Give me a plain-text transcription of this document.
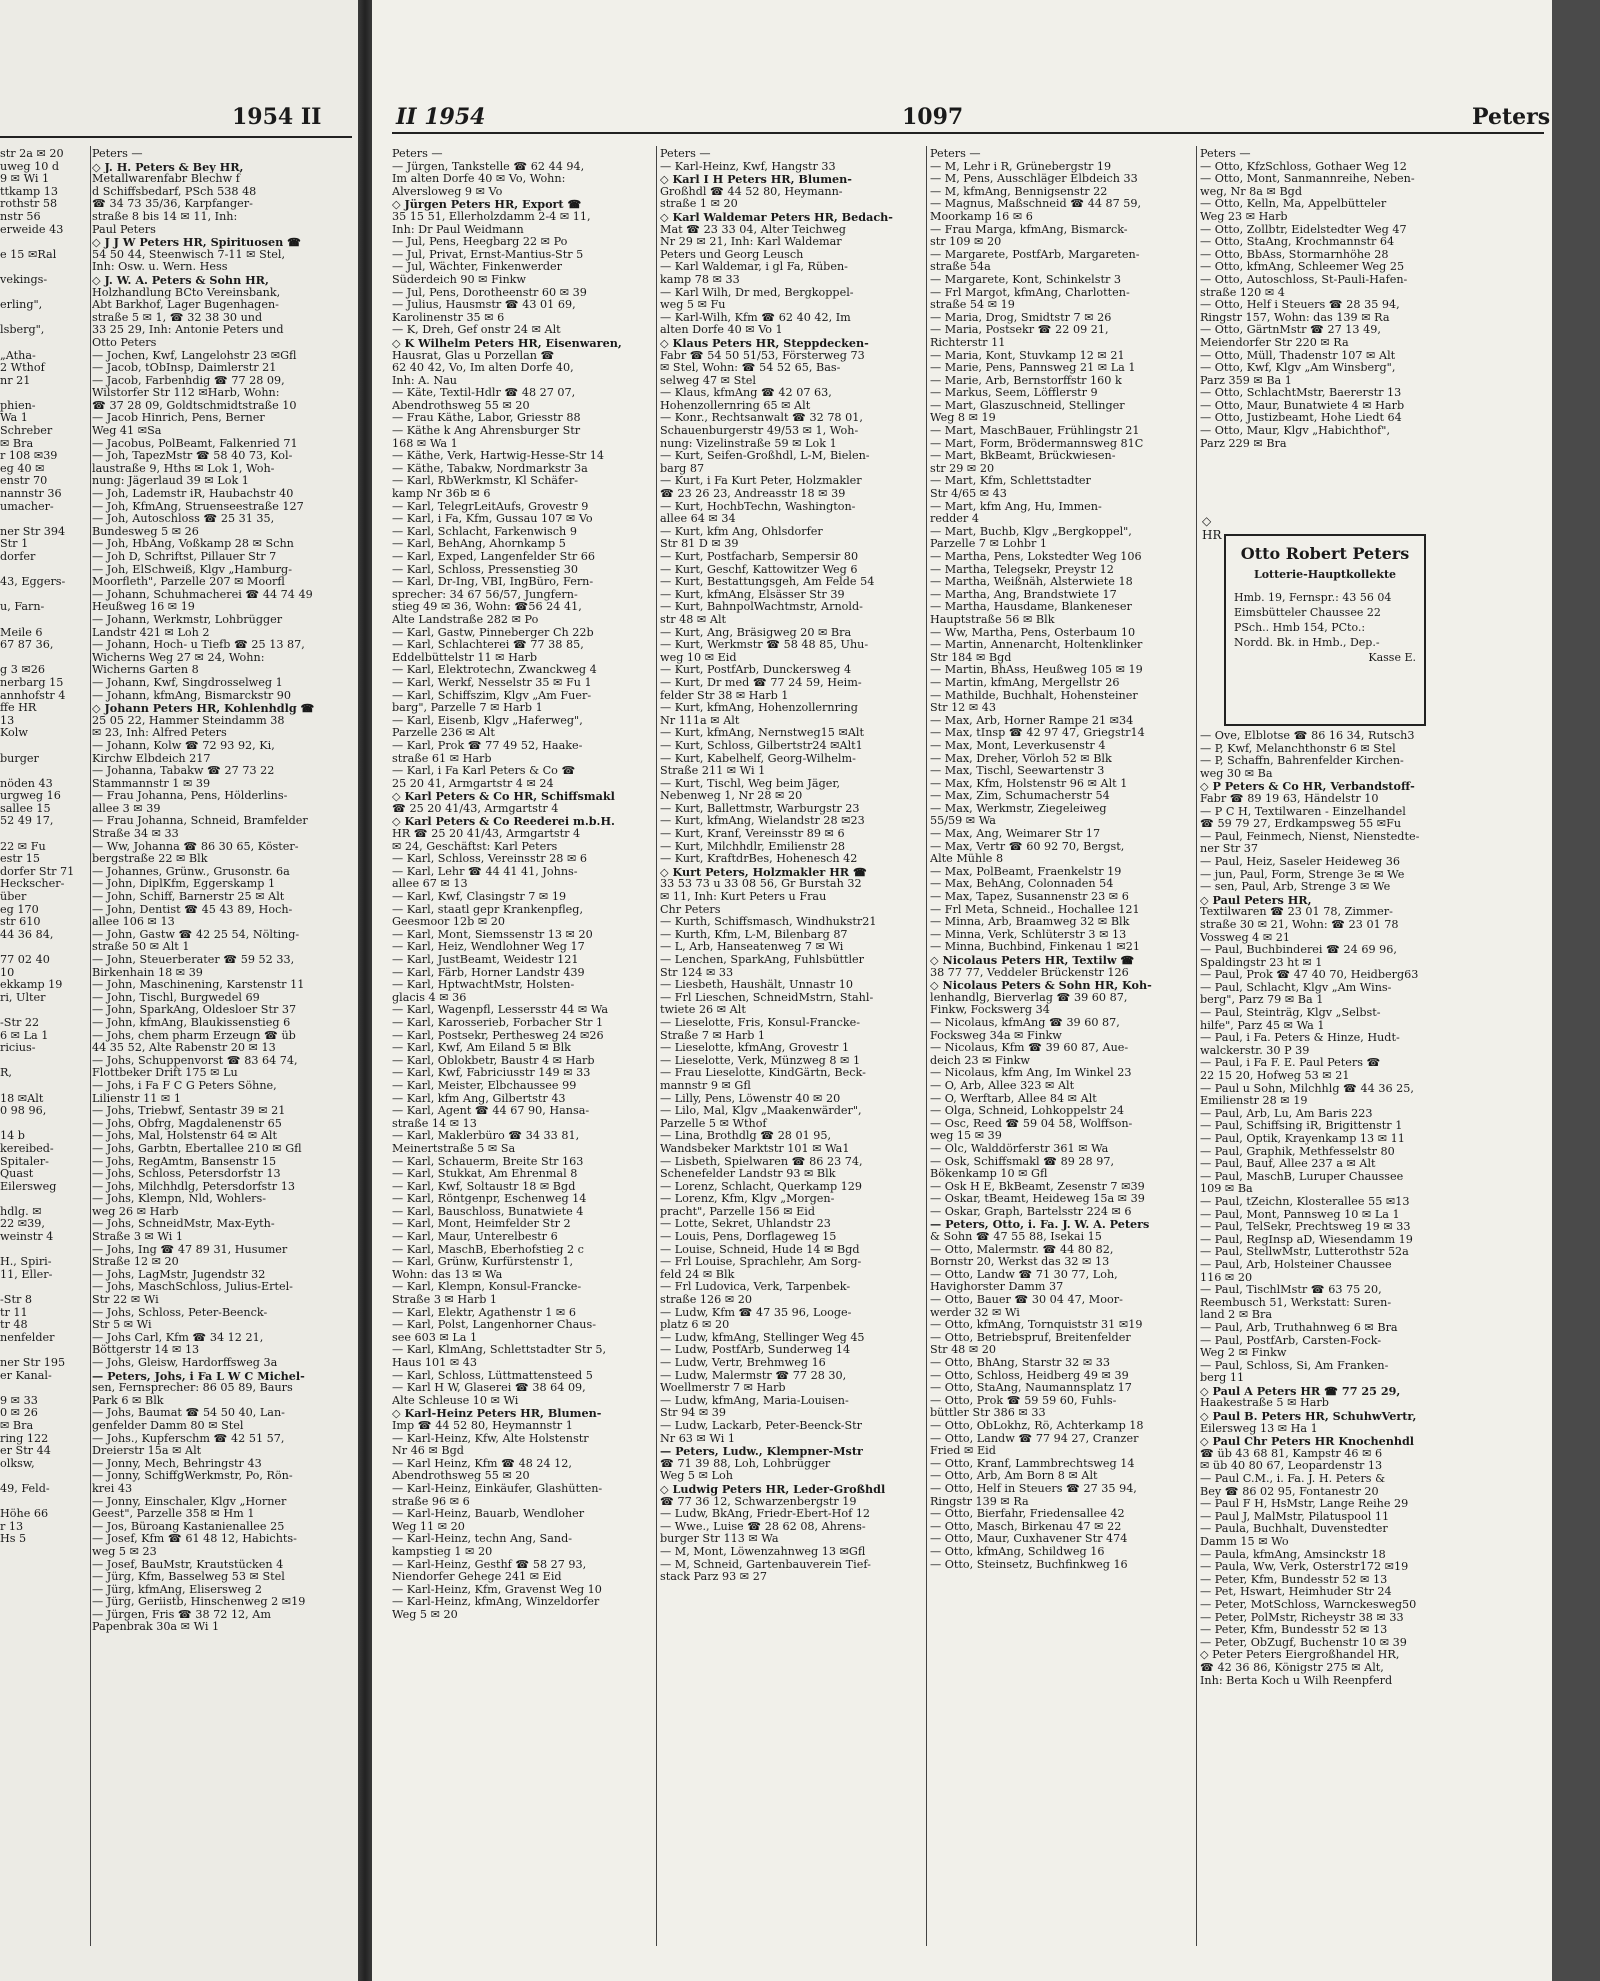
1954 II
str 2a ✉ 20
uweg 10 d
9 ✉ Wi 1
ttkamp 13
rothstr 58
nstr 56
erweide 43

e 15 ✉Ral

vekings-

erling",

lsberg",

„Atha-
2 Wthof
nr 21

phien-
Wa 1
Schreber
✉ Bra
r 108 ✉39
eg 40 ✉
enstr 70
nannstr 36
umacher-

ner Str 394
Str 1
dorfer

43, Eggers-

u, Farn-

Meile 6
67 87 36,

g 3 ✉26
nerbarg 15
annhofstr 4
ffe HR
13
Kolw

burger

nöden 43
urgweg 16
sallee 15
52 49 17,

22 ✉ Fu
estr 15
dorfer Str 71
Heckscher-
über
eg 170
str 610
44 36 84,

77 02 40
10
ekkamp 19
ri, Ulter

-Str 22
6 ✉ La 1
ricius-

R,

18 ✉Alt
0 98 96,

14 b
kereibed-
Spitaler-
Quast
Eilersweg

hdlg. ✉
22 ✉39,
weinstr 4

H., Spiri-
11, Eller-

-Str 8
tr 11
tr 48
nenfelder

ner Str 195
er Kanal-

9 ✉ 33
0 ✉ 26
✉ Bra
ring 122
er Str 44
olksw,

49, Feld-

Höhe 66
r 13
Hs 5
Peters —
◇ J. H. Peters & Bey HR,
Metallwarenfabr Blechw f
d Schiffsbedarf, PSch 538 48
☎ 34 73 35/36, Karpfanger-
straße 8 bis 14 ✉ 11, Inh:
Paul Peters
◇ J J W Peters HR, Spirituosen ☎
54 50 44, Steenwisch 7-11 ✉ Stel,
Inh: Osw. u. Wern. Hess
◇ J. W. A. Peters & Sohn HR,
Holzhandlung BCto Vereinsbank,
Abt Barkhof, Lager Bugenhagen-
straße 5 ✉ 1, ☎ 32 38 30 und
33 25 29, Inh: Antonie Peters und
Otto Peters
— Jochen, Kwf, Langelohstr 23 ✉Gfl
— Jacob, tObInsp, Daimlerstr 21
— Jacob, Farbenhdig ☎ 77 28 09,
Wilstorfer Str 112 ✉Harb, Wohn:
☎ 37 28 09, Goldtschmidtstraße 10
— Jacob Hinrich, Pens, Berner
Weg 41 ✉Sa
— Jacobus, PolBeamt, Falkenried 71
— Joh, TapezMstr ☎ 58 40 73, Kol-
laustraße 9, Hths ✉ Lok 1, Woh-
nung: Jägerlaud 39 ✉ Lok 1
— Joh, Lademstr iR, Haubachstr 40
— Joh, KfmAng, Struenseestraße 127
— Joh, Autoschloss ☎ 25 31 35,
Bundesweg 5 ✉ 26
— Joh, HbAng, Voßkamp 28 ✉ Schn
— Joh D, Schriftst, Pillauer Str 7
— Joh, ElSchweiß, Klgv „Hamburg-
Moorfleth", Parzelle 207 ✉ Moorfl
— Johann, Schuhmacherei ☎ 44 74 49
Heußweg 16 ✉ 19
— Johann, Werkmstr, Lohbrügger
Landstr 421 ✉ Loh 2
— Johann, Hoch- u Tiefb ☎ 25 13 87,
Wicherns Weg 27 ✉ 24, Wohn:
Wicherns Garten 8
— Johann, Kwf, Singdrosselweg 1
— Johann, kfmAng, Bismarckstr 90
◇ Johann Peters HR, Kohlenhdlg ☎
25 05 22, Hammer Steindamm 38
✉ 23, Inh: Alfred Peters
— Johann, Kolw ☎ 72 93 92, Ki,
Kirchw Elbdeich 217
— Johanna, Tabakw ☎ 27 73 22
Stammannstr 1 ✉ 39
— Frau Johanna, Pens, Hölderlins-
allee 3 ✉ 39
— Frau Johanna, Schneid, Bramfelder
Straße 34 ✉ 33
— Ww, Johanna ☎ 86 30 65, Köster-
bergstraße 22 ✉ Blk
— Johannes, Grünw., Grusonstr. 6a
— John, DiplKfm, Eggerskamp 1
— John, Schiff, Barnerstr 25 ✉ Alt
— John, Dentist ☎ 45 43 89, Hoch-
allee 106 ✉ 13
— John, Gastw ☎ 42 25 54, Nölting-
straße 50 ✉ Alt 1
— John, Steuerberater ☎ 59 52 33,
Birkenhain 18 ✉ 39
— John, Maschinening, Karstenstr 11
— John, Tischl, Burgwedel 69
— John, SparkAng, Oldesloer Str 37
— John, kfmAng, Blaukissenstieg 6
— Johs, chem pharm Erzeugn ☎ üb
44 35 52, Alte Rabenstr 20 ✉ 13
— Johs, Schuppenvorst ☎ 83 64 74,
Flottbeker Drift 175 ✉ Lu
— Johs, i Fa F C G Peters Söhne,
Lilienstr 11 ✉ 1
— Johs, Triebwf, Sentastr 39 ✉ 21
— Johs, Obfrg, Magdalenenstr 65
— Johs, Mal, Holstenstr 64 ✉ Alt
— Johs, Garbtn, Ebertallee 210 ✉ Gfl
— Johs, RegAmtm, Bansenstr 15
— Johs, Schloss, Petersdorfstr 13
— Johs, Milchhdlg, Petersdorfstr 13
— Johs, Klempn, Nld, Wohlers-
weg 26 ✉ Harb
— Johs, SchneidMstr, Max-Eyth-
Straße 3 ✉ Wi 1
— Johs, Ing ☎ 47 89 31, Husumer
Straße 12 ✉ 20
— Johs, LagMstr, Jugendstr 32
— Johs, MaschSchloss, Julius-Ertel-
Str 22 ✉ Wi
— Johs, Schloss, Peter-Beenck-
Str 5 ✉ Wi
— Johs Carl, Kfm ☎ 34 12 21,
Böttgerstr 14 ✉ 13
— Johs, Gleisw, Hardorffsweg 3a
— Peters, Johs, i Fa L W C Michel-
sen, Fernsprecher: 86 05 89, Baurs
Park 6 ✉ Blk
— Johs, Baumat ☎ 54 50 40, Lan-
genfelder Damm 80 ✉ Stel
— Johs., Kupferschm ☎ 42 51 57,
Dreierstr 15a ✉ Alt
— Jonny, Mech, Behringstr 43
— Jonny, SchiffgWerkmstr, Po, Rön-
krei 43
— Jonny, Einschaler, Klgv „Horner
Geest", Parzelle 358 ✉ Hm 1
— Jos, Büroang Kastanienallee 25
— Josef, Kfm ☎ 61 48 12, Habichts-
weg 5 ✉ 23
— Josef, BauMstr, Krautstücken 4
— Jürg, Kfm, Basselweg 53 ✉ Stel
— Jürg, kfmAng, Elisersweg 2
— Jürg, Geriistb, Hinschenweg 2 ✉19
— Jürgen, Fris ☎ 38 72 12, Am
Papenbrak 30a ✉ Wi 1
II 1954	1097	Peters
Peters —
— Jürgen, Tankstelle ☎ 62 44 94,
Im alten Dorfe 40 ✉ Vo, Wohn:
Alversloweg 9 ✉ Vo
◇ Jürgen Peters HR, Export ☎
35 15 51, Ellerholzdamm 2-4 ✉ 11,
Inh: Dr Paul Weidmann
— Jul, Pens, Heegbarg 22 ✉ Po
— Jul, Privat, Ernst-Mantius-Str 5
— Jul, Wächter, Finkenwerder
Süderdeich 90 ✉ Finkw
— Jul, Pens, Dorotheenstr 60 ✉ 39
— Julius, Hausmstr ☎ 43 01 69,
Karolinenstr 35 ✉ 6
— K, Dreh, Gef onstr 24 ✉ Alt
◇ K Wilhelm Peters HR, Eisenwaren,
Hausrat, Glas u Porzellan ☎
62 40 42, Vo, Im alten Dorfe 40,
Inh: A. Nau
— Käte, Textil-Hdlr ☎ 48 27 07,
Abendrothsweg 55 ✉ 20
— Frau Käthe, Labor, Griesstr 88
— Käthe k Ang Ahrensburger Str
168 ✉ Wa 1
— Käthe, Verk, Hartwig-Hesse-Str 14
— Käthe, Tabakw, Nordmarkstr 3a
— Karl, RbWerkmstr, Kl Schäfer-
kamp Nr 36b ✉ 6
— Karl, TelegrLeitAufs, Grovestr 9
— Karl, i Fa, Kfm, Gussau 107 ✉ Vo
— Karl, Schlacht, Farkenwisch 9
— Karl, BehAng, Ahornkamp 5
— Karl, Exped, Langenfelder Str 66
— Karl, Schloss, Pressenstieg 30
— Karl, Dr-Ing, VBI, IngBüro, Fern-
sprecher: 34 67 56/57, Jungfern-
stieg 49 ✉ 36, Wohn: ☎56 24 41,
Alte Landstraße 282 ✉ Po
— Karl, Gastw, Pinneberger Ch 22b
— Karl, Schlachterei ☎ 77 38 85,
Eddelbüttelstr 11 ✉ Harb
— Karl, Elektrotechn, Zwanckweg 4
— Karl, Werkf, Nesselstr 35 ✉ Fu 1
— Karl, Schiffszim, Klgv „Am Fuer-
barg", Parzelle 7 ✉ Harb 1
— Karl, Eisenb, Klgv „Haferweg",
Parzelle 236 ✉ Alt
— Karl, Prok ☎ 77 49 52, Haake-
straße 61 ✉ Harb
— Karl, i Fa Karl Peters & Co ☎
25 20 41, Armgartstr 4 ✉ 24
◇ Karl Peters & Co HR, Schiffsmakl
☎ 25 20 41/43, Armgartstr 4
◇ Karl Peters & Co Reederei m.b.H.
HR ☎ 25 20 41/43, Armgartstr 4
✉ 24, Geschäftst: Karl Peters
— Karl, Schloss, Vereinsstr 28 ✉ 6
— Karl, Lehr ☎ 44 41 41, Johns-
allee 67 ✉ 13
— Karl, Kwf, Clasingstr 7 ✉ 19
— Karl, staatl gepr Krankenpfleg,
Geesmoor 12b ✉ 20
— Karl, Mont, Siemssenstr 13 ✉ 20
— Karl, Heiz, Wendlohner Weg 17
— Karl, JustBeamt, Weidestr 121
— Karl, Färb, Horner Landstr 439
— Karl, HptwachtMstr, Holsten-
glacis 4 ✉ 36
— Karl, Wagenpfl, Lessersstr 44 ✉ Wa
— Karl, Karosserieb, Forbacher Str 1
— Karl, Postsekr, Perthesweg 24 ✉26
— Karl, Kwf, Am Eiland 5 ✉ Blk
— Karl, Oblokbetr, Baustr 4 ✉ Harb
— Karl, Kwf, Fabriciusstr 149 ✉ 33
— Karl, Meister, Elbchaussee 99
— Karl, kfm Ang, Gilbertstr 43
— Karl, Agent ☎ 44 67 90, Hansa-
straße 14 ✉ 13
— Karl, Maklerbüro ☎ 34 33 81,
Meinertstraße 5 ✉ Sa
— Karl, Schauerm, Breite Str 163
— Karl, Stukkat, Am Ehrenmal 8
— Karl, Kwf, Soltaustr 18 ✉ Bgd
— Karl, Röntgenpr, Eschenweg 14
— Karl, Bauschloss, Bunatwiete 4
— Karl, Mont, Heimfelder Str 2
— Karl, Maur, Unterelbestr 6
— Karl, MaschB, Eberhofstieg 2 c
— Karl, Grünw, Kurfürstenstr 1,
Wohn: das 13 ✉ Wa
— Karl, Klempn, Konsul-Francke-
Straße 3 ✉ Harb 1
— Karl, Elektr, Agathenstr 1 ✉ 6
— Karl, Polst, Langenhorner Chaus-
see 603 ✉ La 1
— Karl, KlmAng, Schlettstadter Str 5,
Haus 101 ✉ 43
— Karl, Schloss, Lüttmattensteed 5
— Karl H W, Glaserei ☎ 38 64 09,
Alte Schleuse 10 ✉ Wi
◇ Karl-Heinz Peters HR, Blumen-
Imp ☎ 44 52 80, Heymannstr 1
— Karl-Heinz, Kfw, Alte Holstenstr
Nr 46 ✉ Bgd
— Karl Heinz, Kfm ☎ 48 24 12,
Abendrothsweg 55 ✉ 20
— Karl-Heinz, Einkäufer, Glashütten-
straße 96 ✉ 6
— Karl-Heinz, Bauarb, Wendloher
Weg 11 ✉ 20
— Karl-Heinz, techn Ang, Sand-
kampstieg 1 ✉ 20
— Karl-Heinz, Gesthf ☎ 58 27 93,
Niendorfer Gehege 241 ✉ Eid
— Karl-Heinz, Kfm, Gravenst Weg 10
— Karl-Heinz, kfmAng, Winzeldorfer
Weg 5 ✉ 20
Peters —
— Karl-Heinz, Kwf, Hangstr 33
◇ Karl I H Peters HR, Blumen-
Großhdl ☎ 44 52 80, Heymann-
straße 1 ✉ 20
◇ Karl Waldemar Peters HR, Bedach-
Mat ☎ 23 33 04, Alter Teichweg
Nr 29 ✉ 21, Inh: Karl Waldemar
Peters und Georg Leusch
— Karl Waldemar, i gl Fa, Rüben-
kamp 78 ✉ 33
— Karl Wilh, Dr med, Bergkoppel-
weg 5 ✉ Fu
— Karl-Wilh, Kfm ☎ 62 40 42, Im
alten Dorfe 40 ✉ Vo 1
◇ Klaus Peters HR, Steppdecken-
Fabr ☎ 54 50 51/53, Försterweg 73
✉ Stel, Wohn: ☎ 54 52 65, Bas-
selweg 47 ✉ Stel
— Klaus, kfmAng ☎ 42 07 63,
Hohenzollernring 65 ✉ Alt
— Konr., Rechtsanwalt ☎ 32 78 01,
Schauenburgerstr 49/53 ✉ 1, Woh-
nung: Vizelinstraße 59 ✉ Lok 1
— Kurt, Seifen-Großhdl, L-M, Bielen-
barg 87
— Kurt, i Fa Kurt Peter, Holzmakler
☎ 23 26 23, Andreasstr 18 ✉ 39
— Kurt, HochbTechn, Washington-
allee 64 ✉ 34
— Kurt, kfm Ang, Ohlsdorfer
Str 81 D ✉ 39
— Kurt, Postfacharb, Sempersir 80
— Kurt, Geschf, Kattowitzer Weg 6
— Kurt, Bestattungsgeh, Am Felde 54
— Kurt, kfmAng, Elsässer Str 39
— Kurt, BahnpolWachtmstr, Arnold-
str 48 ✉ Alt
— Kurt, Ang, Bräsigweg 20 ✉ Bra
— Kurt, Werkmstr ☎ 58 48 85, Uhu-
weg 10 ✉ Eid
— Kurt, PostfArb, Dunckersweg 4
— Kurt, Dr med ☎ 77 24 59, Heim-
felder Str 38 ✉ Harb 1
— Kurt, kfmAng, Hohenzollernring
Nr 111a ✉ Alt
— Kurt, kfmAng, Nernstweg15 ✉Alt
— Kurt, Schloss, Gilbertstr24 ✉Alt1
— Kurt, Kabelhelf, Georg-Wilhelm-
Straße 211 ✉ Wi 1
— Kurt, Tischl, Weg beim Jäger,
Nebenweg 1, Nr 28 ✉ 20
— Kurt, Ballettmstr, Warburgstr 23
— Kurt, kfmAng, Wielandstr 28 ✉23
— Kurt, Kranf, Vereinsstr 89 ✉ 6
— Kurt, Milchhdlr, Emilienstr 28
— Kurt, KraftdrBes, Hohenesch 42
◇ Kurt Peters, Holzmakler HR ☎
33 53 73 u 33 08 56, Gr Burstah 32
✉ 11, Inh: Kurt Peters u Frau
Chr Peters
— Kurth, Schiffsmasch, Windhukstr21
— Kurth, Kfm, L-M, Bilenbarg 87
— L, Arb, Hanseatenweg 7 ✉ Wi
— Lenchen, SparkAng, Fuhlsbüttler
Str 124 ✉ 33
— Liesbeth, Haushält, Unnastr 10
— Frl Lieschen, SchneidMstrn, Stahl-
twiete 26 ✉ Alt
— Lieselotte, Fris, Konsul-Francke-
Straße 7 ✉ Harb 1
— Lieselotte, kfmAng, Grovestr 1
— Lieselotte, Verk, Münzweg 8 ✉ 1
— Frau Lieselotte, KindGärtn, Beck-
mannstr 9 ✉ Gfl
— Lilly, Pens, Löwenstr 40 ✉ 20
— Lilo, Mal, Klgv „Maakenwärder",
Parzelle 5 ✉ Wthof
— Lina, Brothdlg ☎ 28 01 95,
Wandsbeker Marktstr 101 ✉ Wa1
— Lisbeth, Spielwaren ☎ 86 23 74,
Schenefelder Landstr 93 ✉ Blk
— Lorenz, Schlacht, Querkamp 129
— Lorenz, Kfm, Klgv „Morgen-
pracht", Parzelle 156 ✉ Eid
— Lotte, Sekret, Uhlandstr 23
— Louis, Pens, Dorflageweg 15
— Louise, Schneid, Hude 14 ✉ Bgd
— Frl Louise, Sprachlehr, Am Sorg-
feld 24 ✉ Blk
— Frl Ludovica, Verk, Tarpenbek-
straße 126 ✉ 20
— Ludw, Kfm ☎ 47 35 96, Looge-
platz 6 ✉ 20
— Ludw, kfmAng, Stellinger Weg 45
— Ludw, PostfArb, Sunderweg 14
— Ludw, Vertr, Brehmweg 16
— Ludw, Malermstr ☎ 77 28 30,
Woellmerstr 7 ✉ Harb
— Ludw, kfmAng, Maria-Louisen-
Str 94 ✉ 39
— Ludw, Lackarb, Peter-Beenck-Str
Nr 63 ✉ Wi 1
— Peters, Ludw., Klempner-Mstr
☎ 71 39 88, Loh, Lohbrügger
Weg 5 ✉ Loh
◇ Ludwig Peters HR, Leder-Großhdl
☎ 77 36 12, Schwarzenbergstr 19
— Ludw, BkAng, Friedr-Ebert-Hof 12
— Wwe., Luise ☎ 28 62 08, Ahrens-
burger Str 113 ✉ Wa
— M, Mont, Löwenzahnweg 13 ✉Gfl
— M, Schneid, Gartenbauverein Tief-
stack Parz 93 ✉ 27
Peters —
— M, Lehr i R, Grünebergstr 19
— M, Pens, Ausschläger Elbdeich 33
— M, kfmAng, Bennigsenstr 22
— Magnus, Maßschneid ☎ 44 87 59,
Moorkamp 16 ✉ 6
— Frau Marga, kfmAng, Bismarck-
str 109 ✉ 20
— Margarete, PostfArb, Margareten-
straße 54a
— Margarete, Kont, Schinkelstr 3
— Frl Margot, kfmAng, Charlotten-
straße 54 ✉ 19
— Maria, Drog, Smidtstr 7 ✉ 26
— Maria, Postsekr ☎ 22 09 21,
Richterstr 11
— Maria, Kont, Stuvkamp 12 ✉ 21
— Marie, Pens, Pannsweg 21 ✉ La 1
— Marie, Arb, Bernstorffstr 160 k
— Markus, Seem, Löfflerstr 9
— Mart, Glaszuschneid, Stellinger
Weg 8 ✉ 19
— Mart, MaschBauer, Frühlingstr 21
— Mart, Form, Brödermannsweg 81C
— Mart, BkBeamt, Brückwiesen-
str 29 ✉ 20
— Mart, Kfm, Schlettstadter
Str 4/65 ✉ 43
— Mart, kfm Ang, Hu, Immen-
redder 4
— Mart, Buchb, Klgv „Bergkoppel",
Parzelle 7 ✉ Lohbr 1
— Martha, Pens, Lokstedter Weg 106
— Martha, Telegsekr, Preystr 12
— Martha, Weißnäh, Alsterwiete 18
— Martha, Ang, Brandstwiete 17
— Martha, Hausdame, Blankeneser
Hauptstraße 56 ✉ Blk
— Ww, Martha, Pens, Osterbaum 10
— Martin, Annenarcht, Holtenklinker
Str 184 ✉ Bgd
— Martin, BhAss, Heußweg 105 ✉ 19
— Martin, kfmAng, Mergellstr 26
— Mathilde, Buchhalt, Hohensteiner
Str 12 ✉ 43
— Max, Arb, Horner Rampe 21 ✉34
— Max, tInsp ☎ 42 97 47, Griegstr14
— Max, Mont, Leverkusenstr 4
— Max, Dreher, Vörloh 52 ✉ Blk
— Max, Tischl, Seewartenstr 3
— Max, Kfm, Holstenstr 96 ✉ Alt 1
— Max, Zim, Schumacherstr 54
— Max, Werkmstr, Ziegeleiweg
55/59 ✉ Wa
— Max, Ang, Weimarer Str 17
— Max, Vertr ☎ 60 92 70, Bergst,
Alte Mühle 8
— Max, PolBeamt, Fraenkelstr 19
— Max, BehAng, Colonnaden 54
— Max, Tapez, Susannenstr 23 ✉ 6
— Frl Meta, Schneid., Hochallee 121
— Minna, Arb, Braamweg 32 ✉ Blk
— Minna, Verk, Schlüterstr 3 ✉ 13
— Minna, Buchbind, Finkenau 1 ✉21
◇ Nicolaus Peters HR, Textilw ☎
38 77 77, Veddeler Brückenstr 126
◇ Nicolaus Peters & Sohn HR, Koh-
lenhandlg, Bierverlag ☎ 39 60 87,
Finkw, Fockswerg 34
— Nicolaus, kfmAng ☎ 39 60 87,
Focksweg 34a ✉ Finkw
— Nicolaus, Kfm ☎ 39 60 87, Aue-
deich 23 ✉ Finkw
— Nicolaus, kfm Ang, Im Winkel 23
— O, Arb, Allee 323 ✉ Alt
— O, Werftarb, Allee 84 ✉ Alt
— Olga, Schneid, Lohkoppelstr 24
— Osc, Reed ☎ 59 04 58, Wolffson-
weg 15 ✉ 39
— Olc, Walddörferstr 361 ✉ Wa
— Osk, Schiffsmakl ☎ 89 28 97,
Bökenkamp 10 ✉ Gfl
— Osk H E, BkBeamt, Zesenstr 7 ✉39
— Oskar, tBeamt, Heideweg 15a ✉ 39
— Oskar, Graph, Bartelsstr 224 ✉ 6
— Peters, Otto, i. Fa. J. W. A. Peters
& Sohn ☎ 47 55 88, Isekai 15
— Otto, Malermstr. ☎ 44 80 82,
Bornstr 20, Werkst das 32 ✉ 13
— Otto, Landw ☎ 71 30 77, Loh,
Havighorster Damm 37
— Otto, Bauer ☎ 30 04 47, Moor-
werder 32 ✉ Wi
— Otto, kfmAng, Tornquiststr 31 ✉19
— Otto, Betriebspruf, Breitenfelder
Str 48 ✉ 20
— Otto, BhAng, Starstr 32 ✉ 33
— Otto, Schloss, Heidberg 49 ✉ 39
— Otto, StaAng, Naumannsplatz 17
— Otto, Prok ☎ 59 59 60, Fuhls-
büttler Str 386 ✉ 33
— Otto, ObLokhz, Rö, Achterkamp 18
— Otto, Landw ☎ 77 94 27, Cranzer
Fried ✉ Eid
— Otto, Kranf, Lammbrechtsweg 14
— Otto, Arb, Am Born 8 ✉ Alt
— Otto, Helf in Steuers ☎ 27 35 94,
Ringstr 139 ✉ Ra
— Otto, Bierfahr, Friedensallee 42
— Otto, Masch, Birkenau 47 ✉ 22
— Otto, Maur, Cuxhavener Str 474
— Otto, kfmAng, Schildweg 16
— Otto, Steinsetz, Buchfinkweg 16
Peters —
— Otto, KfzSchloss, Gothaer Weg 12
— Otto, Mont, Sanmannreihe, Neben-
weg, Nr 8a ✉ Bgd
— Otto, Kelln, Ma, Appelbütteler
Weg 23 ✉ Harb
— Otto, Zollbtr, Eidelstedter Weg 47
— Otto, StaAng, Krochmannstr 64
— Otto, BbAss, Stormarnhöhe 28
— Otto, kfmAng, Schleemer Weg 25
— Otto, Autoschloss, St-Pauli-Hafen-
straße 120 ✉ 4
— Otto, Helf i Steuers ☎ 28 35 94,
Ringstr 157, Wohn: das 139 ✉ Ra
— Otto, GärtnMstr ☎ 27 13 49,
Meiendorfer Str 220 ✉ Ra
— Otto, Müll, Thadenstr 107 ✉ Alt
— Otto, Kwf, Klgv „Am Winsberg",
Parz 359 ✉ Ba 1
— Otto, SchlachtMstr, Baererstr 13
— Otto, Maur, Bunatwiete 4 ✉ Harb
— Otto, Justizbeamt, Hohe Liedt 64
— Otto, Maur, Klgv „Habichthof",
Parz 229 ✉ Bra
◇
HR
Otto Robert Peters
Lotterie-Hauptkollekte
Hmb. 19, Fernspr.: 43 56 04
Eimsbütteler Chaussee 22
PSch.. Hmb 154, PCto.:
Nordd. Bk. in Hmb., Dep.-
Kasse E.
— Ove, Elblotse ☎ 86 16 34, Rutsch3
— P, Kwf, Melanchthonstr 6 ✉ Stel
— P, Schaffn, Bahrenfelder Kirchen-
weg 30 ✉ Ba
◇ P Peters & Co HR, Verbandstoff-
Fabr ☎ 89 19 63, Händelstr 10
— P C H, Textilwaren - Einzelhandel
☎ 59 79 27, Erdkampsweg 55 ✉Fu
— Paul, Feinmech, Nienst, Nienstedte-
ner Str 37
— Paul, Heiz, Saseler Heideweg 36
— jun, Paul, Form, Strenge 3e ✉ We
— sen, Paul, Arb, Strenge 3 ✉ We
◇ Paul Peters HR,
Textilwaren ☎ 23 01 78, Zimmer-
straße 30 ✉ 21, Wohn: ☎ 23 01 78
Vossweg 4 ✉ 21
— Paul, Buchbinderei ☎ 24 69 96,
Spaldingstr 23 ht ✉ 1
— Paul, Prok ☎ 47 40 70, Heidberg63
— Paul, Schlacht, Klgv „Am Wins-
berg", Parz 79 ✉ Ba 1
— Paul, Steinträg, Klgv „Selbst-
hilfe", Parz 45 ✉ Wa 1
— Paul, i Fa. Peters & Hinze, Hudt-
walckerstr. 30 P 39
— Paul, i Fa F. E. Paul Peters ☎
22 15 20, Hofweg 53 ✉ 21
— Paul u Sohn, Milchhlg ☎ 44 36 25,
Emilienstr 28 ✉ 19
— Paul, Arb, Lu, Am Baris 223
— Paul, Schiffsing iR, Brigittenstr 1
— Paul, Optik, Krayenkamp 13 ✉ 11
— Paul, Graphik, Methfesselstr 80
— Paul, Bauf, Allee 237 a ✉ Alt
— Paul, MaschB, Luruper Chaussee
109 ✉ Ba
— Paul, tZeichn, Klosterallee 55 ✉13
— Paul, Mont, Pannsweg 10 ✉ La 1
— Paul, TelSekr, Prechtsweg 19 ✉ 33
— Paul, RegInsp aD, Wiesendamm 19
— Paul, StellwMstr, Lutterothstr 52a
— Paul, Arb, Holsteiner Chaussee
116 ✉ 20
— Paul, TischlMstr ☎ 63 75 20,
Reembusch 51, Werkstatt: Suren-
land 2 ✉ Bra
— Paul, Arb, Truthahnweg 6 ✉ Bra
— Paul, PostfArb, Carsten-Fock-
Weg 2 ✉ Finkw
— Paul, Schloss, Si, Am Franken-
berg 11
◇ Paul A Peters HR ☎ 77 25 29,
Haakestraße 5 ✉ Harb
◇ Paul B. Peters HR, SchuhwVertr,
Eilersweg 13 ✉ Ha 1
◇ Paul Chr Peters HR Knochenhdl
☎ üb 43 68 81, Kampstr 46 ✉ 6
✉ üb 40 80 67, Leopardenstr 13
— Paul C.M., i. Fa. J. H. Peters &
Bey ☎ 86 02 95, Fontanestr 20
— Paul F H, HsMstr, Lange Reihe 29
— Paul J, MalMstr, Pilatuspool 11
— Paula, Buchhalt, Duvenstedter
Damm 15 ✉ Wo
— Paula, kfmAng, Amsinckstr 18
— Paula, Ww, Verk, Osterstr172 ✉19
— Peter, Kfm, Bundesstr 52 ✉ 13
— Pet, Hswart, Heimhuder Str 24
— Peter, MotSchloss, Warnckesweg50
— Peter, PolMstr, Richeystr 38 ✉ 33
— Peter, Kfm, Bundesstr 52 ✉ 13
— Peter, ObZugf, Buchenstr 10 ✉ 39
◇ Peter Peters Eiergroßhandel HR,
☎ 42 36 86, Königstr 275 ✉ Alt,
Inh: Berta Koch u Wilh Reenpferd
